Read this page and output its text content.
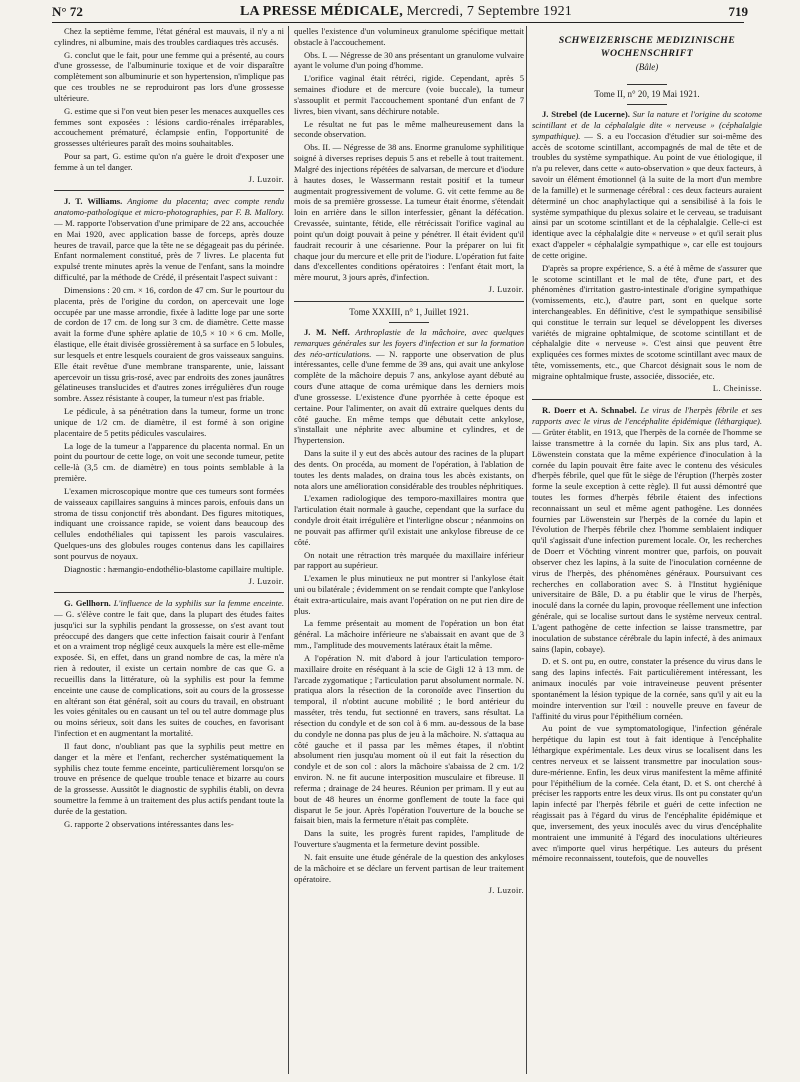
N° 72	LA PRESSE MÉDICALE, Mercredi, 7 Septembre 1921	719

Chez la septième femme, l'état général est mauvais, il n'y a ni cylindres, ni albumine, mais des troubles cardiaques très accusés.

G. conclut que le fait, pour une femme qui a présenté, au cours d'une grossesse, de l'albuminurie toxique et de voir disparaître complètement son albuminurie et son hypertension, n'implique pas que ces troubles ne se reproduiront pas lors d'une grossesse ultérieure.

G. estime que si l'on veut bien peser les menaces auxquelles ces femmes sont exposées : lésions cardio-rénales irréparables, accouchement prématuré, éclampsie enfin, l'opportunité de grossesses ultérieures paraît des moins souhaitables.

Pour sa part, G. estime qu'on n'a guère le droit d'exposer une femme à un tel danger.

J. Luzoir.

J. T. Williams. Angiome du placenta; avec compte rendu anatomo-pathologique et micro-photographies, par F. B. Mallory. — M. rapporte l'observation d'une primipare de 22 ans, accouchée en Mai 1920, avec application basse de forceps, après douze heures de travail, parce que la tête ne se dégageait pas du périnée. Enfant normalement constitué, près de 7 livres. Le placenta fut expulsé trente minutes après la venue de l'enfant, sans la moindre difficulté, par la méthode de Crédé, il présentait l'aspect suivant :

Dimensions : 20 cm. × 16, cordon de 47 cm. Sur le pourtour du placenta, près de l'origine du cordon, on apercevait une loge occupée par une masse arrondie, fixée à laditte loge par une sorte de cordon de 17 cm. de long sur 3 cm. de diamètre. Cette masse avait la forme d'une sphère aplatie de 10,5 × 10 × 6 cm. Molle, élastique, elle était divisée grossièrement à sa surface en 5 lobules, sur lesquels et entre lesquels couraient de gros vaisseaux sanguins. Elle était revêtue d'une membrane transparente, unie, laissant apercevoir un tissu gris-rosé, avec par endroits des zones jaunâtres gélatineuses translucides et d'autres zones irrégulières d'un rouge sombre. Assez résistante à couper, la tumeur n'est pas friable.

Le pédicule, à sa pénétration dans la tumeur, forme un tronc unique de 1/2 cm. de diamètre, il est formé à son origine placentaire de 5 petits pédicules vasculaires.

La loge de la tumeur a l'apparence du placenta normal. En un point du pourtour de cette loge, on voit une seconde tumeur, petite celle-là (3,5 cm. de diamètre) en tous points semblable à la première.

L'examen microscopique montre que ces tumeurs sont formées de vaisseaux capillaires sanguins à minces parois, enfouis dans un stroma de tissu conjonctif très abondant. Des figures mitotiques, indiquant une croissance rapide, se voient dans beaucoup des cellules endothéliales qui tapissent les parois vasculaires. Quelques-uns des globules rouges contenus dans les capillaires sont pourvus de noyaux.

Diagnostic : hæmangio-endothélio-blastome capillaire multiple.

J. Luzoir.

G. Gellhorn. L'influence de la syphilis sur la femme enceinte. — G. s'élève contre le fait que, dans la plupart des études faites jusqu'ici sur la syphilis pendant la grossesse, on s'est avant tout préoccupé des dangers que cette infection faisait courir à l'enfant et on a vraiment trop négligé ceux auxquels la mère est elle-même exposée. Si, en effet, dans un grand nombre de cas, la mère n'a rien à redouter, il existe un certain nombre de cas que G. a recueillis dans la littérature, où la syphilis est pour la femme enceinte une cause de complications, soit au cours de la grossesse en altérant son état général, soit au cours du travail, en obstruant les voies génitales ou en causant un tel ou tel autre dommage plus ou moins sérieux, soit dans les suites de couches, en favorisant l'infection et en augmentant la mortalité.

Il faut donc, n'oubliant pas que la syphilis peut mettre en danger et la mère et l'enfant, rechercher systématiquement la syphilis chez toute femme enceinte, particulièrement lorsqu'on se trouve en présence de quelque trouble tenace et bizarre au cours de la grossesse. Aussitôt le diagnostic de syphilis établi, on devra soumettre la femme à un traitement des plus actifs pendant toute la durée de la gestation.

G. rapporte 2 observations intéressantes dans les-

quelles l'existence d'un volumineux granulome spécifique mettait obstacle à l'accouchement.

Obs. I. — Négresse de 30 ans présentant un granulome vulvaire ayant le volume d'un poing d'homme.

L'orifice vaginal était rétréci, rigide. Cependant, après 5 semaines d'iodure et de mercure (voie buccale), la tumeur s'assouplit et permit l'accouchement spontané d'un enfant de 7 livres, bien vivant, sans déchirure notable.

Le résultat ne fut pas le même malheureusement dans la seconde observation.

Obs. II. — Négresse de 38 ans. Enorme granulome syphilitique soigné à diverses reprises depuis 5 ans et rebelle à tout traitement. Malgré des injections répétées de salvarsan, de mercure et d'iodure à hautes doses, le Wassermann restait positif et la tumeur augmentait progressivement de volume. G. vit cette femme au 8e mois de sa première grossesse. La tumeur était énorme, s'étendait loin en arrière dans le sillon interfessier, gênant la défécation. Crevassée, suintante, fétide, elle rétrécissait l'orifice vaginal au point qu'un doigt pouvait à peine y pénétrer. Il était évident qu'il faudrait recourir à une césarienne. Pour la préparer on lui fit chaque jour du mercure et elle prit de l'iodure. L'opération fut faite dans d'excellentes conditions opératoires : l'enfant était mort, la mère mourut, 3 jours après, d'infection.

J. Luzoir.

Tome XXXIII, n° 1, Juillet 1921.

J. M. Neff. Arthroplastie de la mâchoire, avec quelques remarques générales sur les foyers d'infection et sur la formation des néo-articulations. — N. rapporte une observation de plus intéressantes, celle d'une femme de 39 ans, qui avait une ankylose complète de la mâchoire depuis 7 ans, ankylose ayant débuté au cours d'une attaque de coma urémique dans les derniers mois d'une grossesse. L'existence d'une pyorrhée à cette époque est certaine. Pour l'alimenter, on avait dû extraire quelques dents du côté gauche. En même temps que débutait cette ankylose, s'installait une néphrite avec albumine et cylindres, et de l'hypertension.

Dans la suite il y eut des abcès autour des racines de la plupart des dents. On procéda, au moment de l'opération, à l'ablation de toutes les dents malades, on draina tous les abcès existants, on nota alors une amélioration considérable des troubles néphritiques.

L'examen radiologique des temporo-maxillaires montra que l'articulation était normale à gauche, cependant que la surface du condyle droit était irrégulière et l'interligne obscur ; néanmoins on ne pouvait pas affirmer qu'il existait une ankylose fibreuse de ce côté.

On notait une rétraction très marquée du maxillaire inférieur par rapport au supérieur.

L'examen le plus minutieux ne put montrer si l'ankylose était uni ou bilatérale ; évidemment on se rendait compte que l'ankylose était extra-articulaire, mais avant l'opération on ne put rien dire de plus.

La femme présentait au moment de l'opération un bon état général. La mâchoire inférieure ne s'abaissait en avant que de 3 mm., l'amplitude des mouvements latéraux était la même.

A l'opération N. mit d'abord à jour l'articulation temporo-maxillaire droite en réséquant à la scie de Gigli 12 à 13 mm. de l'arcade zygomatique ; l'articulation parut absolument normale. N. pratiqua alors la résection de la coronoïde avec l'insertion du temporal, il n'obtint aucune mobilité ; le bord antérieur du masséter, très tendu, fut sectionné en travers, sans résultat. La résection du condyle et de son col à 6 mm. au-dessous de la base du condyle ne donna pas plus de jeu à la mâchoire. N. s'attaqua au côté gauche et il passa par les mêmes étapes, il n'obtint absolument rien jusqu'au moment où il eut fait la résection du condyle et de son col : alors la mâchoire s'abaissa de 2 cm. 1/2 environ. N. ne fit aucune interposition musculaire et fibreuse. Il referma ; drainage de 24 heures. Réunion per primam. Il y eut au bout de 48 heures un énorme gonflement de toute la face qui disparut le 5e jour. Après l'opération l'ouverture de la bouche se faisait bien, mais la fermeture n'était pas complète.

Dans la suite, les progrès furent rapides, l'amplitude de l'ouverture s'augmenta et la fermeture devint possible.

N. fait ensuite une étude générale de la question des ankyloses de la mâchoire et se déclare un fervent partisan de leur traitement opératoire.

J. Luzoir.

SCHWEIZERISCHE MEDIZINISCHE
WOCHENSCHRIFT
(Bâle)

Tome II, n° 20, 19 Mai 1921.

J. Strebel (de Lucerne). Sur la nature et l'origine du scotome scintillant et de la céphalalgie dite « nerveuse » (céphalalgie sympathique). — S. a eu l'occasion d'étudier sur soi-même des accès de scotome scintillant, accompagnés de mal de tête et de troubles du système sympathique. Au point de vue étiologique, il n'a pu relever, dans cette « auto-observation » que deux facteurs, à savoir un élément émotionnel (à la suite de la mort d'un membre de la famille) et le surmenage cérébral : ces deux facteurs auraient déterminé un choc anaphylactique qui a sensibilisé à la fois le système sympathique du plexus solaire et le cerveau, se traduisant ainsi par un scotome scintillant et de la céphalalgie. Celle-ci est identique avec la céphalalgie dite « nerveuse » et qu'il serait plus exact d'appeler « céphalalgie sympathique », car elle est toujours de cette origine.

D'après sa propre expérience, S. a été à même de s'assurer que le scotome scintillant et le mal de tête, d'une part, et des phénomènes d'irritation gastro-intestinale d'origine sympathique (vomissements, etc.), d'autre part, sont en quelque sorte interchangeables. En définitive, c'est le sympathique sensibilisé qui constitue le terrain sur lequel se développent les diverses variétés de migraine ophtalmique, de scotome scintillant et de céphalalgie dite « nerveuse ». C'est ainsi que peuvent être expliquées ces formes mixtes de scotome scintillant avec maux de tête, vomissements, etc., que Charcot désignait sous le nom de migraine ophtalmique fruste, associée, dissociée, etc.

L. Cheinisse.

R. Doerr et A. Schnabel. Le virus de l'herpès fébrile et ses rapports avec le virus de l'encéphalite épidémique (léthargique). — Grüter établit, en 1913, que l'herpès de la cornée de l'homme se laisse transmettre à la cornée du lapin. Six ans plus tard, A. Löwenstein constata que la même expérience d'inoculation à la cornée du lapin pouvait être faite avec le contenu des vésicules d'herpès fébrile, quel que fût le siège de l'éruption (l'herpès zoster forme la seule exception à cette règle). Il fut aussi démontré que toutes les formes d'herpès fébrile étaient des infections reconnaissant un seul et même agent pathogène. Les données fournies par Löwenstein sur l'herpès de la cornée du lapin et l'évolution de l'herpès fébrile chez l'homme semblaient indiquer qu'il s'agissait d'une infection purement locale. Or, les recherches de Doerr et Vöchting vinrent montrer que, parfois, on pouvait observer chez les lapins, à la suite de l'inoculation cornéenne de virus de l'herpès, des phénomènes généraux. Poursuivant ces recherches en collaboration avec S. à l'Institut hygiénique universitaire de Bâle, D. a pu établir que le virus de l'herpès, inoculé dans la cornée du lapin, provoque réellement une infection générale, qui se localise surtout dans le système nerveux central. L'agent pathogène de cette infection se laisse transmettre, par inoculation de substance cérébrale du lapin infecté, à des animaux sains (lapin, cobaye).

D. et S. ont pu, en outre, constater la présence du virus dans le sang des lapins infectés. Fait particulièrement intéressant, les animaux inoculés par voie intraveineuse peuvent présenter spontanément la lésion typique de la cornée, sans qu'il y ait eu la moindre intervention sur l'œil : nouvelle preuve en faveur de l'affinité du virus pour l'épithélium cornéen.

Au point de vue symptomatologique, l'infection générale herpétique du lapin est tout à fait identique à l'encéphalite léthargique expérimentale. Les deux virus se localisent dans les centres nerveux et se laissent transmettre par inoculation sous-dure-mérienne. Enfin, les deux virus manifestent la même affinité pour l'épithélium de la cornée. Cela étant, D. et S. ont cherché à préciser les rapports entre les deux virus. Ils ont pu constater qu'un lapin infecté par l'herpès fébrile et guéri de cette infection ne réagissait pas à l'égard du virus de l'encéphalite épidémique et que, inversement, des yeux inoculés avec du virus d'encéphalite montraient une immunité à l'égard des inoculations ultérieures avec n'importe quel virus herpétique. Les auteurs du présent mémoire reconnaissent, toutefois, que de nouvelles
